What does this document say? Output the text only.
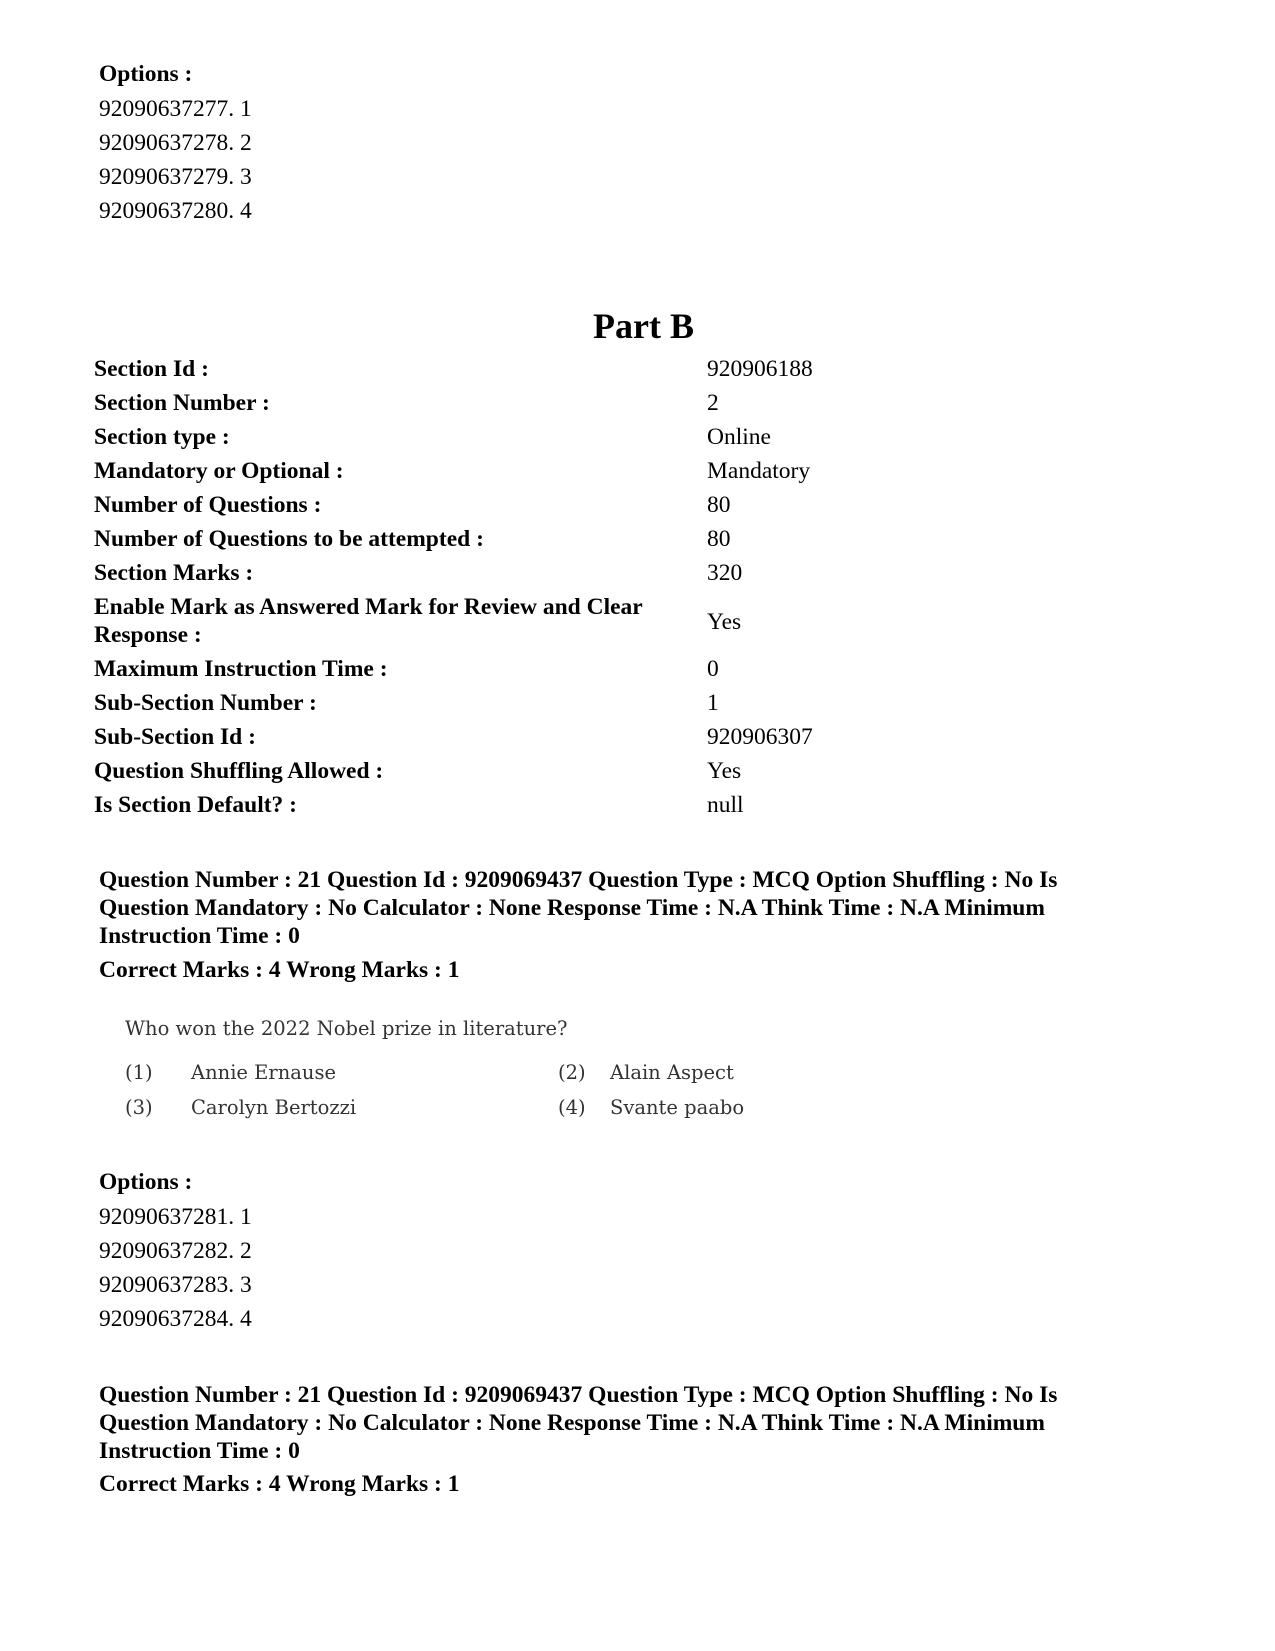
Options :
92090637277. 1
92090637278. 2
92090637279. 3
92090637280. 4
Part B
Section Id :	920906188
Section Number :	2
Section type :	Online
Mandatory or Optional :	Mandatory
Number of Questions :	80
Number of Questions to be attempted :	80
Section Marks :	320
Enable Mark as Answered Mark for Review and Clear Response :	Yes
Maximum Instruction Time :	0
Sub-Section Number :	1
Sub-Section Id :	920906307
Question Shuffling Allowed :	Yes
Is Section Default? :	null
Question Number : 21 Question Id : 9209069437 Question Type : MCQ Option Shuffling : No Is Question Mandatory : No Calculator : None Response Time : N.A Think Time : N.A Minimum Instruction Time : 0
Correct Marks : 4 Wrong Marks : 1
Who won the 2022 Nobel prize in literature?
(1) Annie Ernause	(2) Alain Aspect
(3) Carolyn Bertozzi	(4) Svante paabo
Options :
92090637281. 1
92090637282. 2
92090637283. 3
92090637284. 4
Question Number : 21 Question Id : 9209069437 Question Type : MCQ Option Shuffling : No Is Question Mandatory : No Calculator : None Response Time : N.A Think Time : N.A Minimum Instruction Time : 0
Correct Marks : 4 Wrong Marks : 1
